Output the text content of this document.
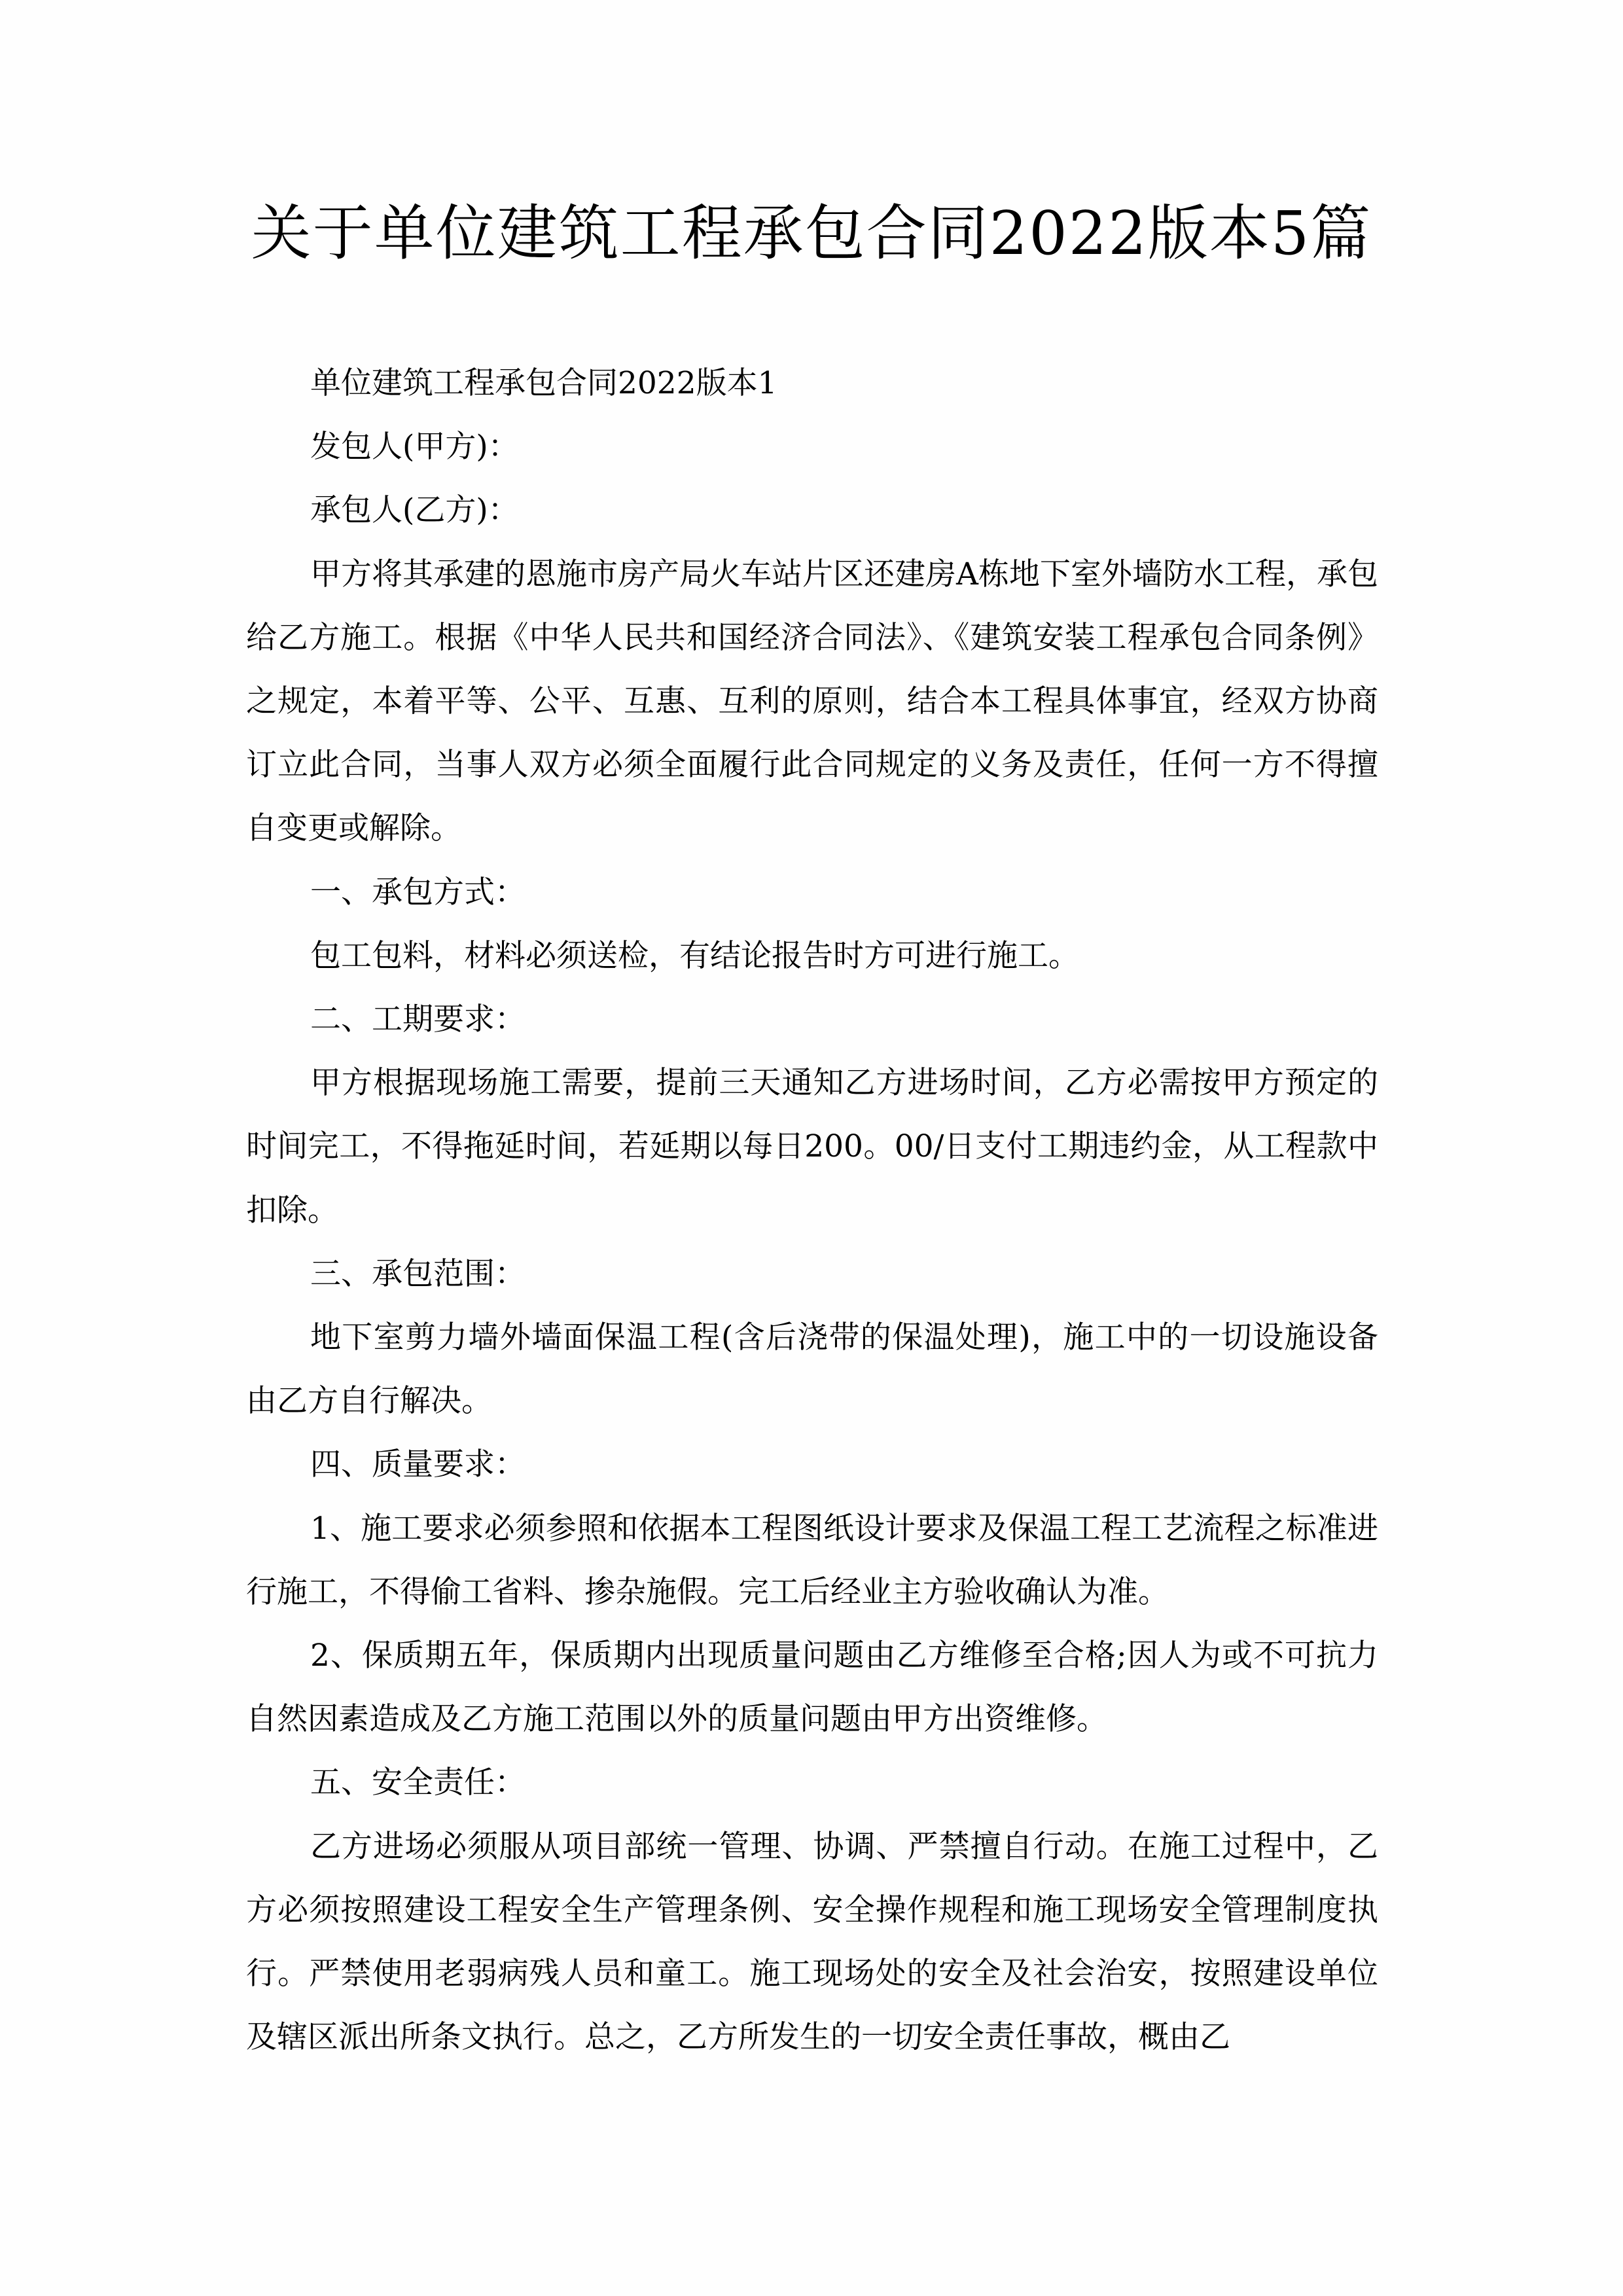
关于单位建筑工程承包合同2022版本5篇

单位建筑工程承包合同2022版本1

发包人(甲方)：

承包人(乙方)：

甲方将其承建的恩施市房产局火车站片区还建房A栋地下室外墙防水工程，承包给乙方施工。根据《中华人民共和国经济合同法》、《建筑安装工程承包合同条例》之规定，本着平等、公平、互惠、互利的原则，结合本工程具体事宜，经双方协商订立此合同，当事人双方必须全面履行此合同规定的义务及责任，任何一方不得擅自变更或解除。

一、承包方式：

包工包料，材料必须送检，有结论报告时方可进行施工。

二、工期要求：

甲方根据现场施工需要，提前三天通知乙方进场时间，乙方必需按甲方预定的时间完工，不得拖延时间，若延期以每日200。00/日支付工期违约金，从工程款中扣除。

三、承包范围：

地下室剪力墙外墙面保温工程(含后浇带的保温处理)，施工中的一切设施设备由乙方自行解决。

四、质量要求：

1、施工要求必须参照和依据本工程图纸设计要求及保温工程工艺流程之标准进行施工，不得偷工省料、掺杂施假。完工后经业主方验收确认为准。

2、保质期五年，保质期内出现质量问题由乙方维修至合格;因人为或不可抗力自然因素造成及乙方施工范围以外的质量问题由甲方出资维修。

五、安全责任：

乙方进场必须服从项目部统一管理、协调、严禁擅自行动。在施工过程中，乙方必须按照建设工程安全生产管理条例、安全操作规程和施工现场安全管理制度执行。严禁使用老弱病残人员和童工。施工现场处的安全及社会治安，按照建设单位及辖区派出所条文执行。总之，乙方所发生的一切安全责任事故，概由乙
